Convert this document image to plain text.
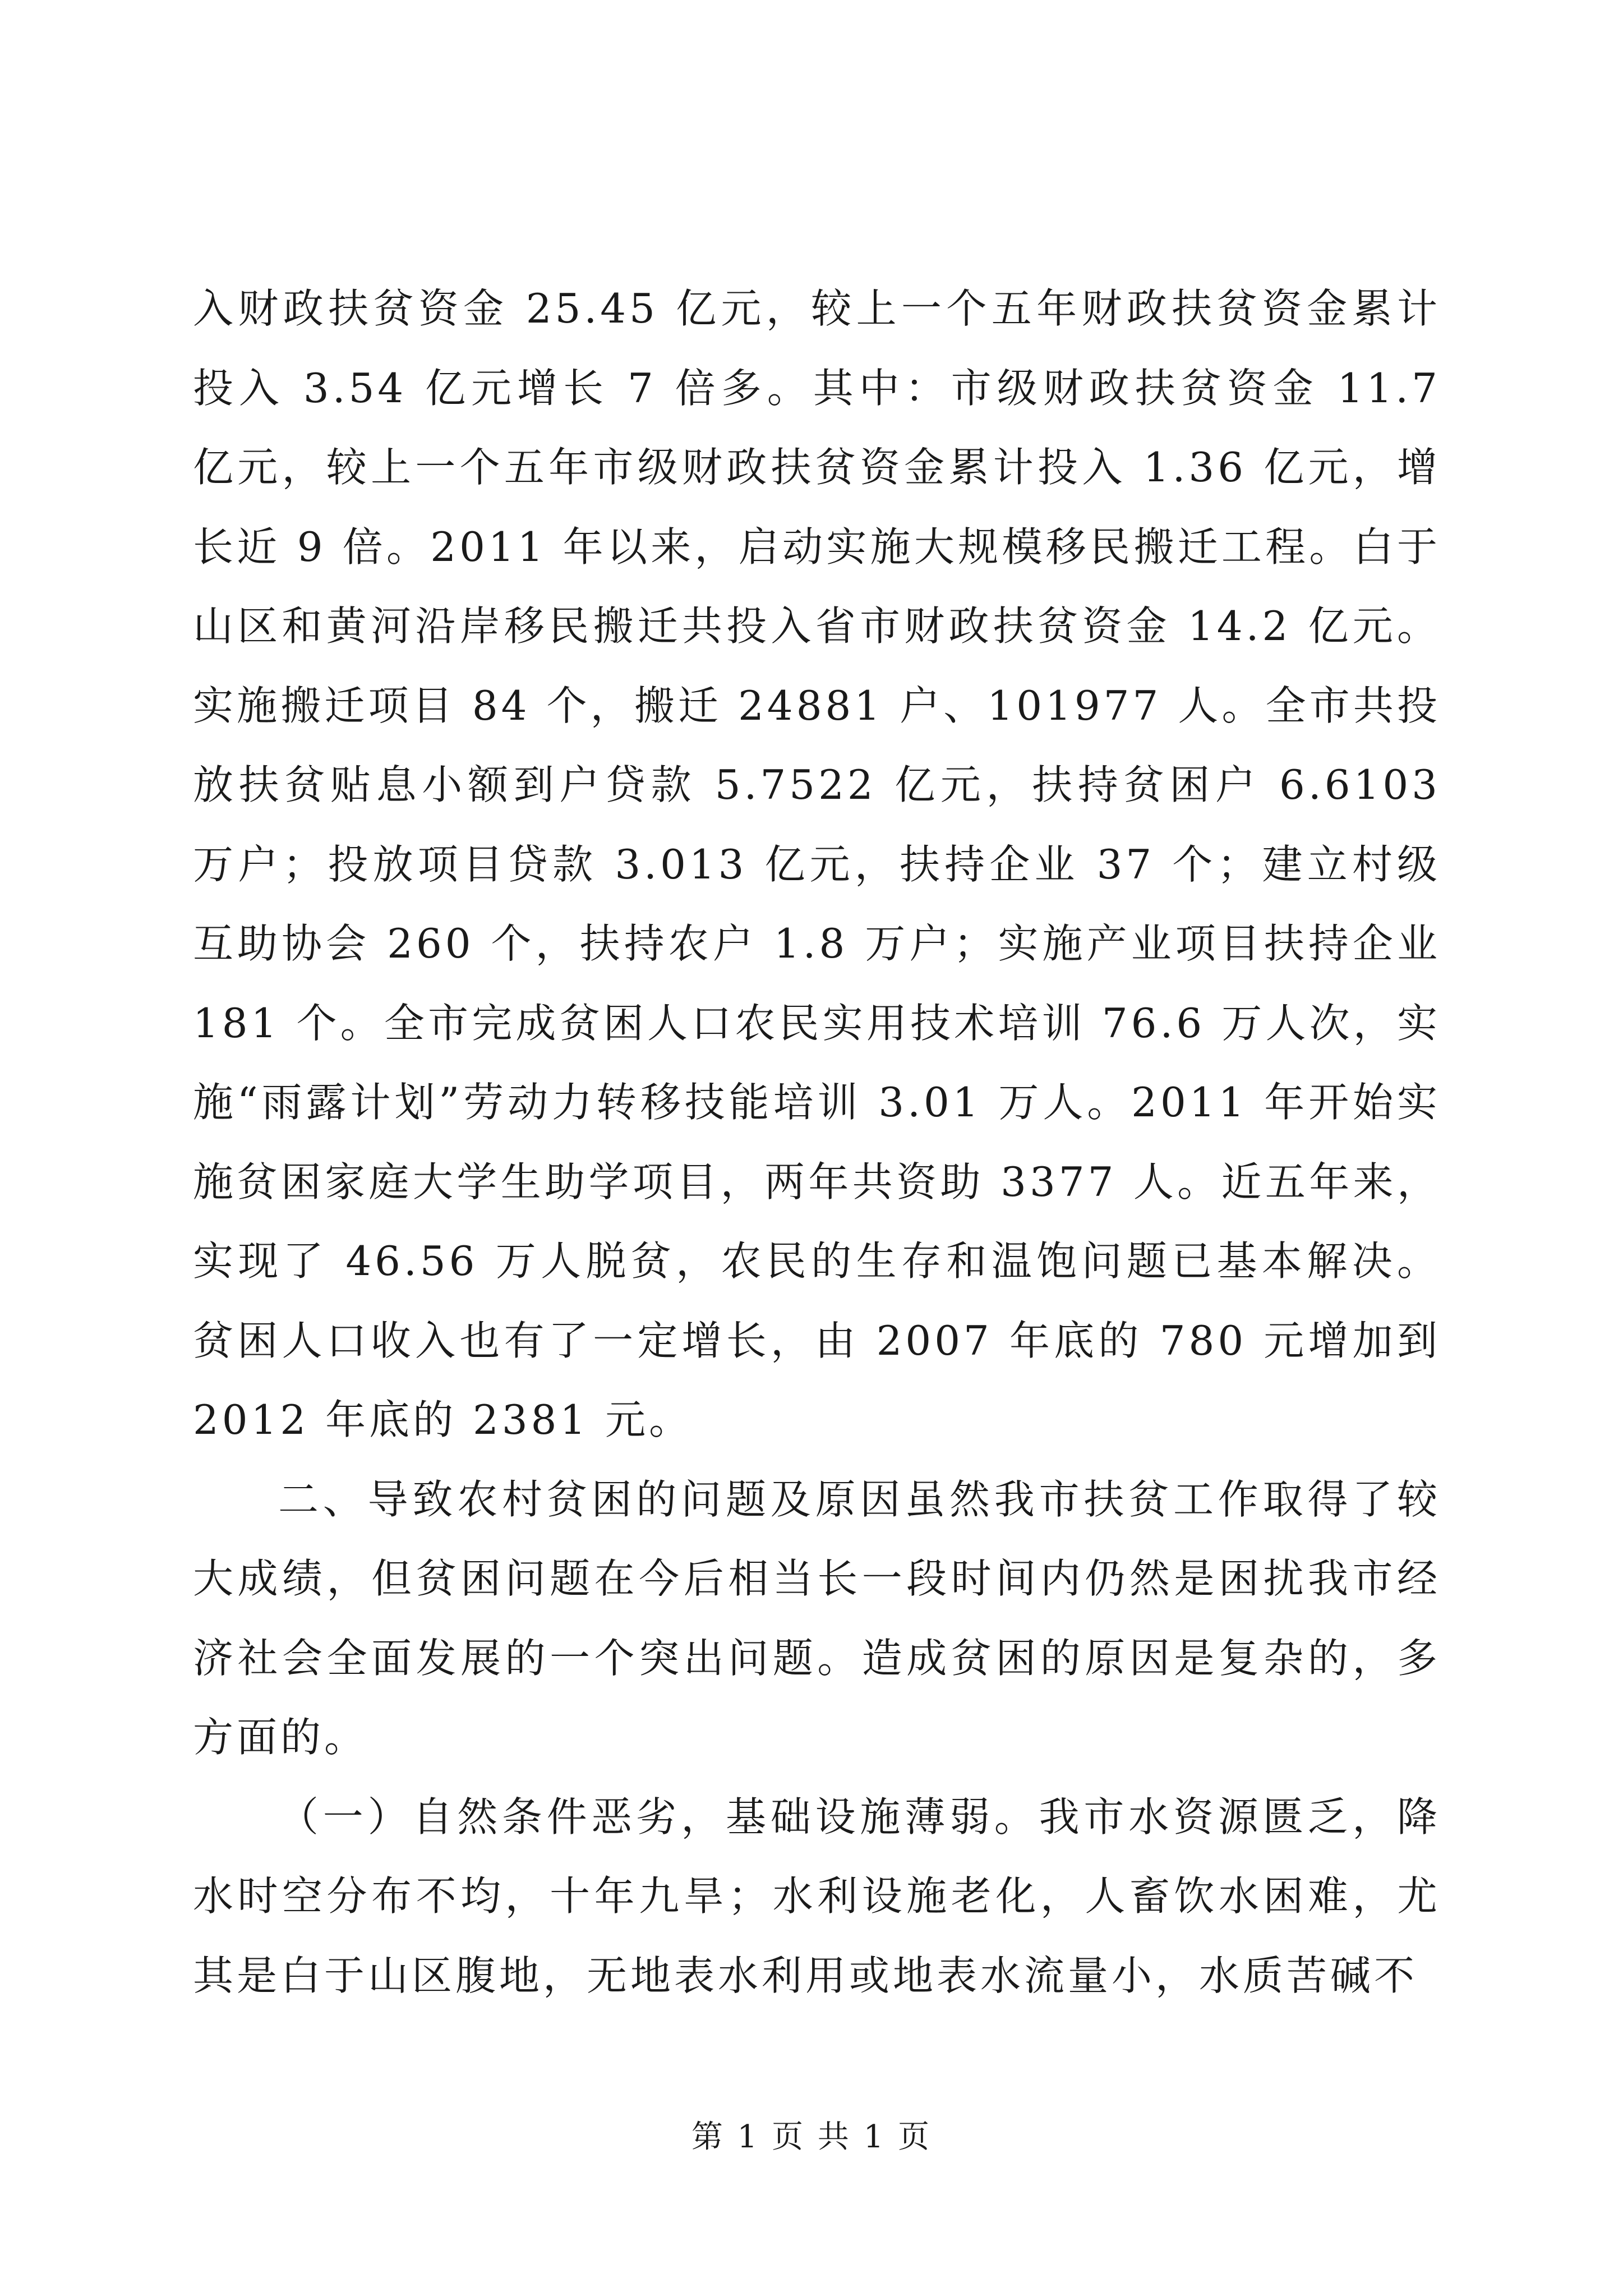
入财政扶贫资金 25.45 亿元，较上一个五年财政扶贫资金累计投入 3.54 亿元增长 7 倍多。其中：市级财政扶贫资金 11.7 亿元，较上一个五年市级财政扶贫资金累计投入 1.36 亿元，增长近 9 倍。2011 年以来，启动实施大规模移民搬迁工程。白于山区和黄河沿岸移民搬迁共投入省市财政扶贫资金 14.2 亿元。实施搬迁项目 84 个，搬迁 24881 户、101977 人。全市共投放扶贫贴息小额到户贷款 5.7522 亿元，扶持贫困户 6.6103 万户；投放项目贷款 3.013 亿元，扶持企业 37 个；建立村级互助协会 260 个，扶持农户 1.8 万户；实施产业项目扶持企业 181 个。全市完成贫困人口农民实用技术培训 76.6 万人次，实施“雨露计划”劳动力转移技能培训 3.01 万人。2011 年开始实施贫困家庭大学生助学项目，两年共资助 3377 人。近五年来，实现了 46.56 万人脱贫，农民的生存和温饱问题已基本解决。贫困人口收入也有了一定增长，由 2007 年底的 780 元增加到 2012 年底的 2381 元。

二、导致农村贫困的问题及原因虽然我市扶贫工作取得了较大成绩，但贫困问题在今后相当长一段时间内仍然是困扰我市经济社会全面发展的一个突出问题。造成贫困的原因是复杂的，多方面的。

（一）自然条件恶劣，基础设施薄弱。我市水资源匮乏，降水时空分布不均，十年九旱；水利设施老化，人畜饮水困难，尤其是白于山区腹地，无地表水利用或地表水流量小，水质苦碱不

第 1 页 共 1 页
